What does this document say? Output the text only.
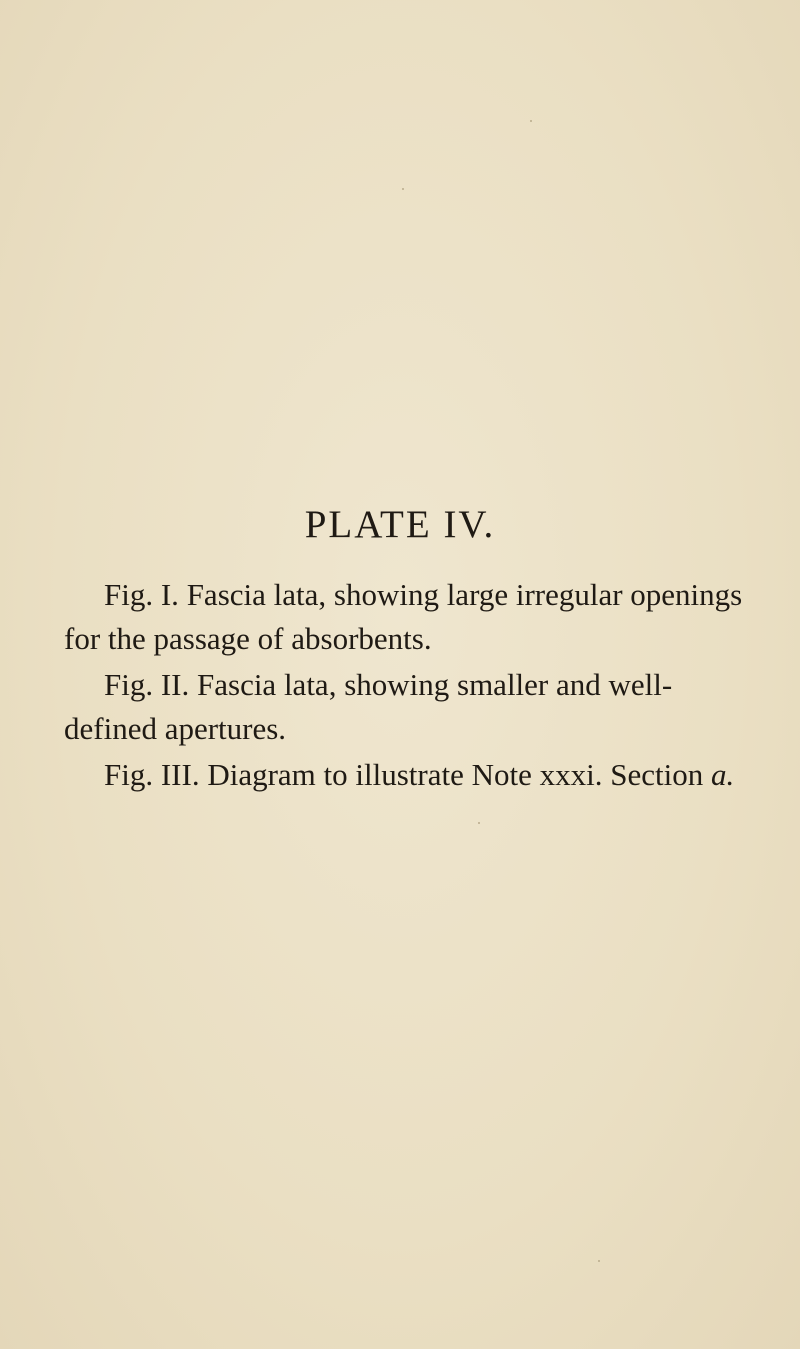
PLATE IV.

Fig. I. Fascia lata, showing large irregular openings for the passage of absorbents.

Fig. II. Fascia lata, showing smaller and well-defined apertures.

Fig. III. Diagram to illustrate Note xxxi. Section a.
